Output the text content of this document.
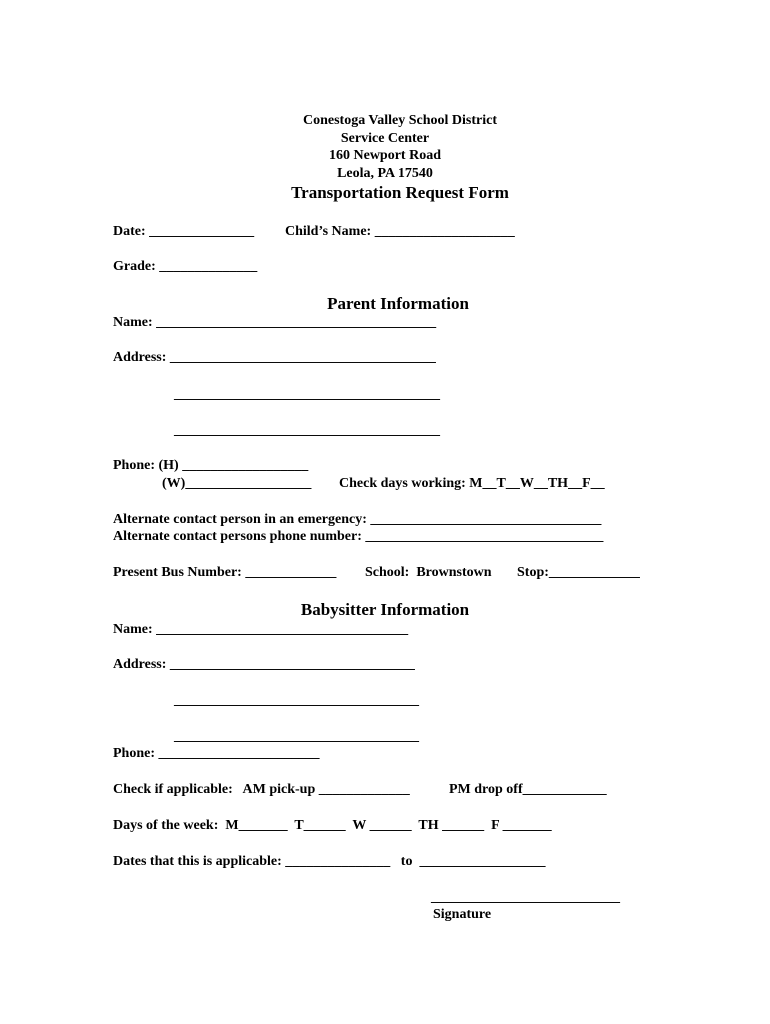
Conestoga Valley School District
Service Center
160 Newport Road
Leola, PA 17540
Transportation Request Form
Date: _______________ Child’s Name: ____________________
Grade: ______________
Parent Information
Name: ________________________________________
Address: ______________________________________
______________________________________
______________________________________
Phone: (H) __________________
(W)__________________ Check days working: M__T__W__TH__F__
Alternate contact person in an emergency: _________________________________
Alternate contact persons phone number: __________________________________
Present Bus Number: _____________ School:  Brownstown Stop:_____________
Babysitter Information
Name: ____________________________________
Address: ___________________________________
___________________________________
___________________________________
Phone: _______________________
Check if applicable:   AM pick-up _____________	PM drop off____________
Days of the week:  M_______  T______  W ______  TH ______  F _______
Dates that this is applicable: _______________   to  __________________
___________________________
Signature
